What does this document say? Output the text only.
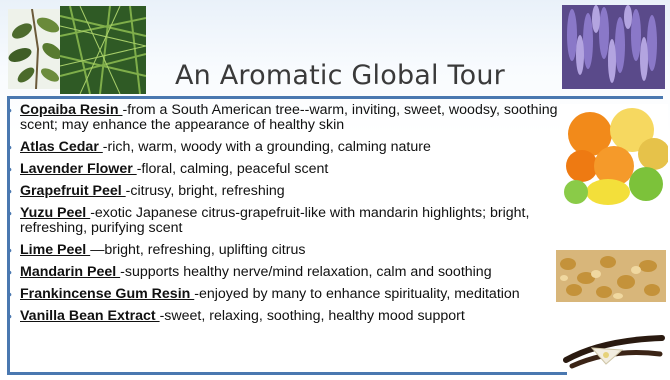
An Aromatic Global Tour
• Copaiba Resin -from a South American tree--warm, inviting, sweet, woodsy, soothing scent; may enhance the appearance of healthy skin
• Atlas Cedar -rich, warm, woody with a grounding, calming nature
• Lavender Flower -floral, calming, peaceful scent
• Grapefruit Peel -citrusy, bright, refreshing
• Yuzu Peel -exotic Japanese citrus-grapefruit-like with mandarin highlights; bright, refreshing, purifying scent
• Lime Peel —bright, refreshing, uplifting citrus
• Mandarin Peel -supports healthy nerve/mind relaxation, calm and soothing
• Frankincense Gum Resin -enjoyed by many to enhance spirituality, meditation
• Vanilla Bean Extract -sweet, relaxing, soothing, healthy mood support
